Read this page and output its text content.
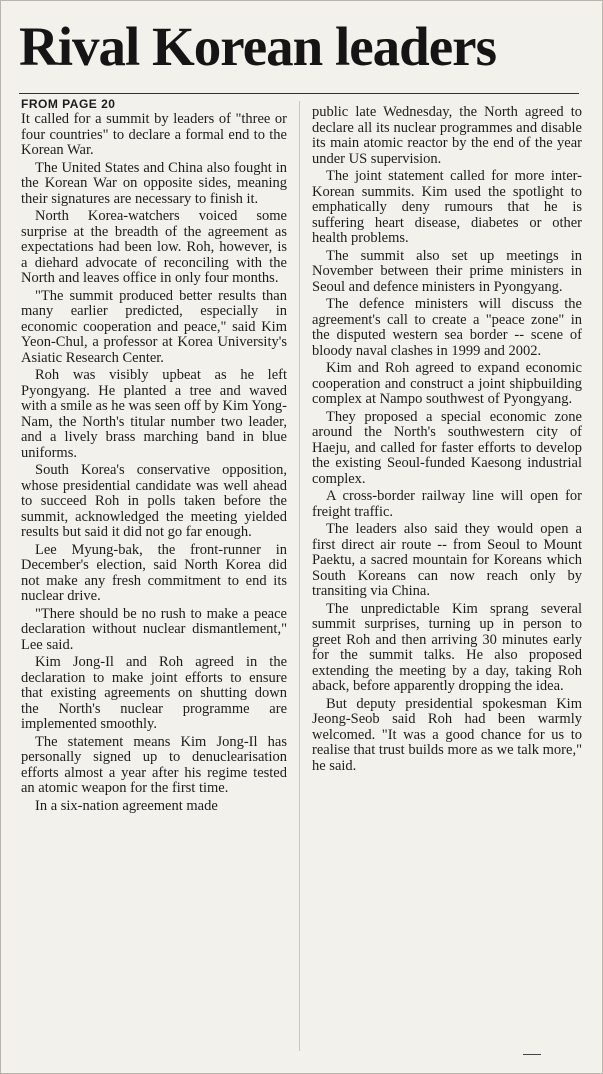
Rival Korean leaders
FROM PAGE 20

It called for a summit by leaders of "three or four countries" to declare a formal end to the Korean War.

The United States and China also fought in the Korean War on opposite sides, meaning their signatures are necessary to finish it.

North Korea-watchers voiced some surprise at the breadth of the agreement as expectations had been low. Roh, however, is a diehard advocate of reconciling with the North and leaves office in only four months.

"The summit produced better results than many earlier predicted, especially in economic cooperation and peace," said Kim Yeon-Chul, a professor at Korea University's Asiatic Research Center.

Roh was visibly upbeat as he left Pyongyang. He planted a tree and waved with a smile as he was seen off by Kim Yong-Nam, the North's titular number two leader, and a lively brass marching band in blue uniforms.

South Korea's conservative opposition, whose presidential candidate was well ahead to succeed Roh in polls taken before the summit, acknowledged the meeting yielded results but said it did not go far enough.

Lee Myung-bak, the front-runner in December's election, said North Korea did not make any fresh commitment to end its nuclear drive.

"There should be no rush to make a peace declaration without nuclear dismantlement," Lee said.

Kim Jong-Il and Roh agreed in the declaration to make joint efforts to ensure that existing agreements on shutting down the North's nuclear programme are implemented smoothly.

The statement means Kim Jong-Il has personally signed up to denuclearisation efforts almost a year after his regime tested an atomic weapon for the first time.

In a six-nation agreement made

public late Wednesday, the North agreed to declare all its nuclear programmes and disable its main atomic reactor by the end of the year under US supervision.

The joint statement called for more inter-Korean summits. Kim used the spotlight to emphatically deny rumours that he is suffering heart disease, diabetes or other health problems.

The summit also set up meetings in November between their prime ministers in Seoul and defence ministers in Pyongyang.

The defence ministers will discuss the agreement's call to create a "peace zone" in the disputed western sea border -- scene of bloody naval clashes in 1999 and 2002.

Kim and Roh agreed to expand economic cooperation and construct a joint shipbuilding complex at Nampo southwest of Pyongyang.

They proposed a special economic zone around the North's southwestern city of Haeju, and called for faster efforts to develop the existing Seoul-funded Kaesong industrial complex.

A cross-border railway line will open for freight traffic.

The leaders also said they would open a first direct air route -- from Seoul to Mount Paektu, a sacred mountain for Koreans which South Koreans can now reach only by transiting via China.

The unpredictable Kim sprang several summit surprises, turning up in person to greet Roh and then arriving 30 minutes early for the summit talks. He also proposed extending the meeting by a day, taking Roh aback, before apparently dropping the idea.

But deputy presidential spokesman Kim Jeong-Seob said Roh had been warmly welcomed. "It was a good chance for us to realise that trust builds more as we talk more," he said.
